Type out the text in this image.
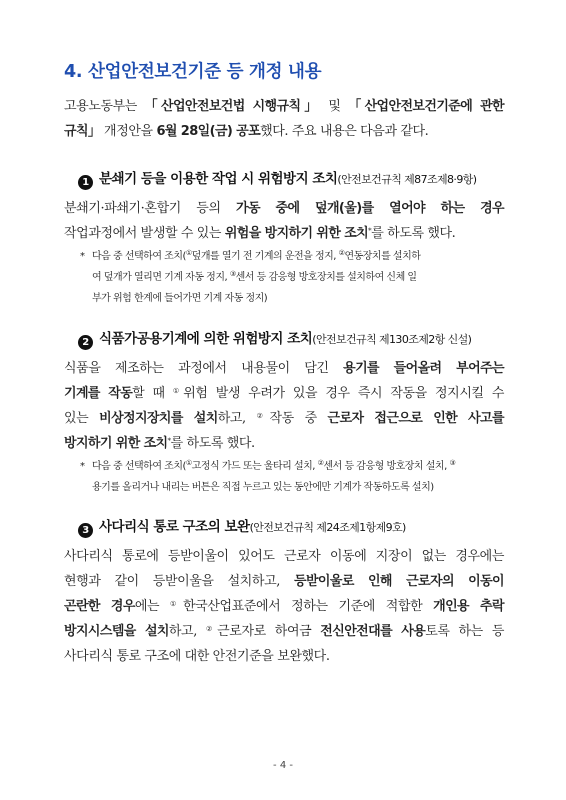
4. 산업안전보건기준 등 개정 내용
고용노동부는 「산업안전보건법 시행규칙」 및 「산업안전보건기준에 관한
규칙」 개정안을 6월 28일(금) 공포했다. 주요 내용은 다음과 같다.
1 분쇄기 등을 이용한 작업 시 위험방지 조치(안전보건규칙 제87조제8·9항)
분쇄기·파쇄기·혼합기 등의 가동 중에 덮개(울)를 열어야 하는 경우
작업과정에서 발생할 수 있는 위험을 방지하기 위한 조치*를 하도록 했다.
* 다음 중 선택하여 조치(①덮개를 열기 전 기계의 운전을 정지, ②연동장치를 설치하
여 덮개가 열리면 기계 자동 정지, ③센서 등 감응형 방호장치를 설치하여 신체 일
부가 위험 한계에 들어가면 기계 자동 정지)
2 식품가공용기계에 의한 위험방지 조치(안전보건규칙 제130조제2항 신설)
식품을 제조하는 과정에서 내용물이 담긴 용기를 들어올려 부어주는
기계를 작동할 때 ①위험 발생 우려가 있을 경우 즉시 작동을 정지시킬 수
있는 비상정지장치를 설치하고, ②작동 중 근로자 접근으로 인한 사고를
방지하기 위한 조치*를 하도록 했다.
* 다음 중 선택하여 조치(①고정식 가드 또는 울타리 설치, ②센서 등 감응형 방호장치 설치, ③
용기를 올리거나 내리는 버튼은 직접 누르고 있는 동안에만 기계가 작동하도록 설치)
3 사다리식 통로 구조의 보완(안전보건규칙 제24조제1항제9호)
사다리식 통로에 등받이울이 있어도 근로자 이동에 지장이 없는 경우에는
현행과 같이 등받이울을 설치하고, 등받이울로 인해 근로자의 이동이
곤란한 경우에는 ①한국산업표준에서 정하는 기준에 적합한 개인용 추락
방지시스템을 설치하고, ②근로자로 하여금 전신안전대를 사용토록 하는 등
사다리식 통로 구조에 대한 안전기준을 보완했다.
- 4 -
